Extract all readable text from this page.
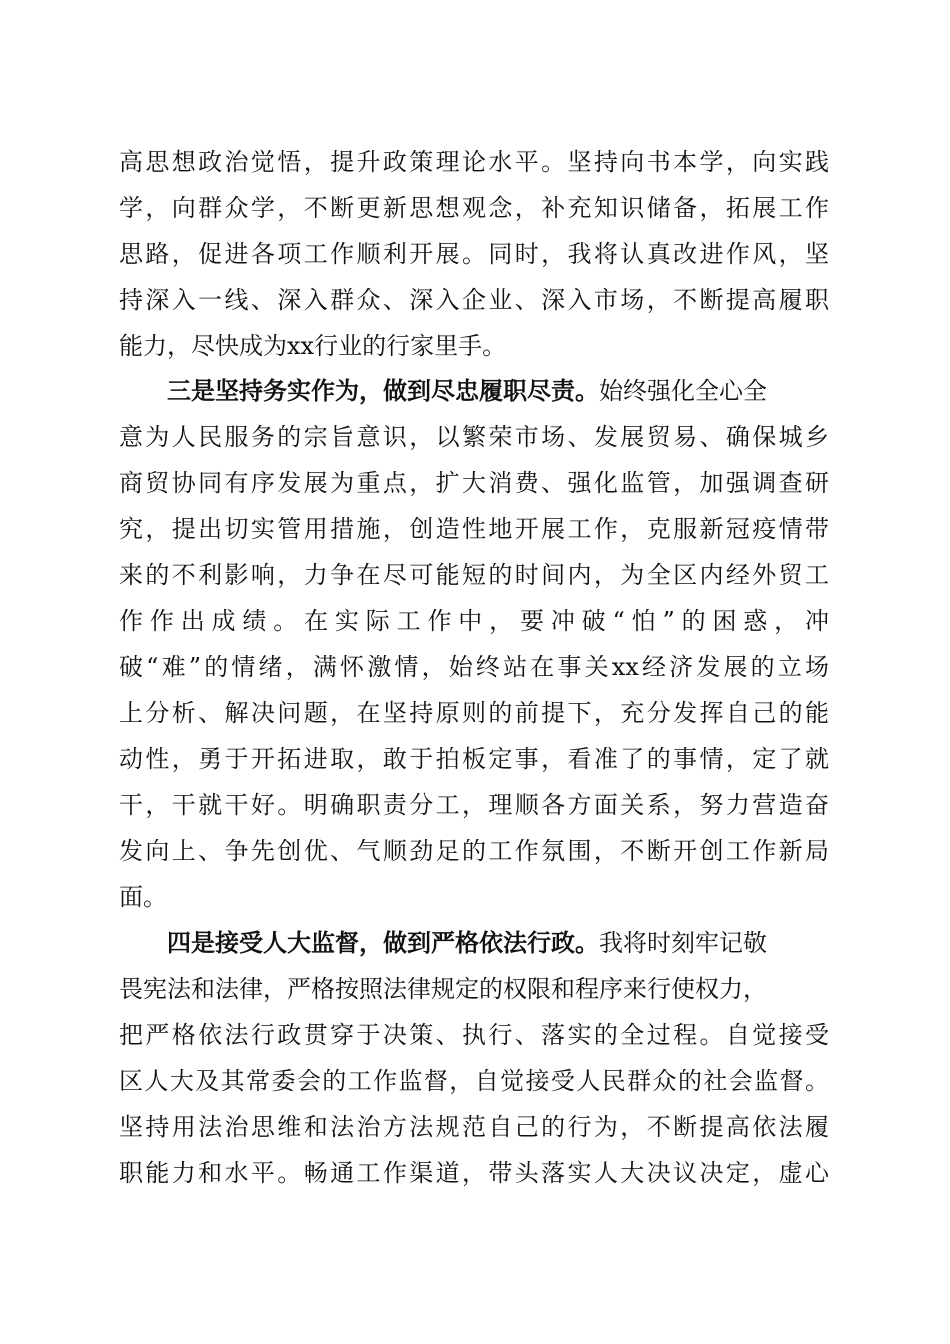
高思想政治觉悟，提升政策理论水平。坚持向书本学，向实践
学，向群众学，不断更新思想观念，补充知识储备，拓展工作
思路，促进各项工作顺利开展。同时，我将认真改进作风，坚
持深入一线、深入群众、深入企业、深入市场，不断提高履职
能力，尽快成为xx行业的行家里手。
三是坚持务实作为，做到尽忠履职尽责。始终强化全心全
意为人民服务的宗旨意识，以繁荣市场、发展贸易、确保城乡
商贸协同有序发展为重点，扩大消费、强化监管，加强调查研
究，提出切实管用措施，创造性地开展工作，克服新冠疫情带
来的不利影响，力争在尽可能短的时间内，为全区内经外贸工
作作出成绩。在实际工作中，要冲破“怕”的困惑，冲
破“难”的情绪，满怀激情，始终站在事关xx经济发展的立场
上分析、解决问题，在坚持原则的前提下，充分发挥自己的能
动性，勇于开拓进取，敢于拍板定事，看准了的事情，定了就
干，干就干好。明确职责分工，理顺各方面关系，努力营造奋
发向上、争先创优、气顺劲足的工作氛围，不断开创工作新局
面。
四是接受人大监督，做到严格依法行政。我将时刻牢记敬
畏宪法和法律，严格按照法律规定的权限和程序来行使权力，
把严格依法行政贯穿于决策、执行、落实的全过程。自觉接受
区人大及其常委会的工作监督，自觉接受人民群众的社会监督。
坚持用法治思维和法治方法规范自己的行为，不断提高依法履
职能力和水平。畅通工作渠道，带头落实人大决议决定，虚心
